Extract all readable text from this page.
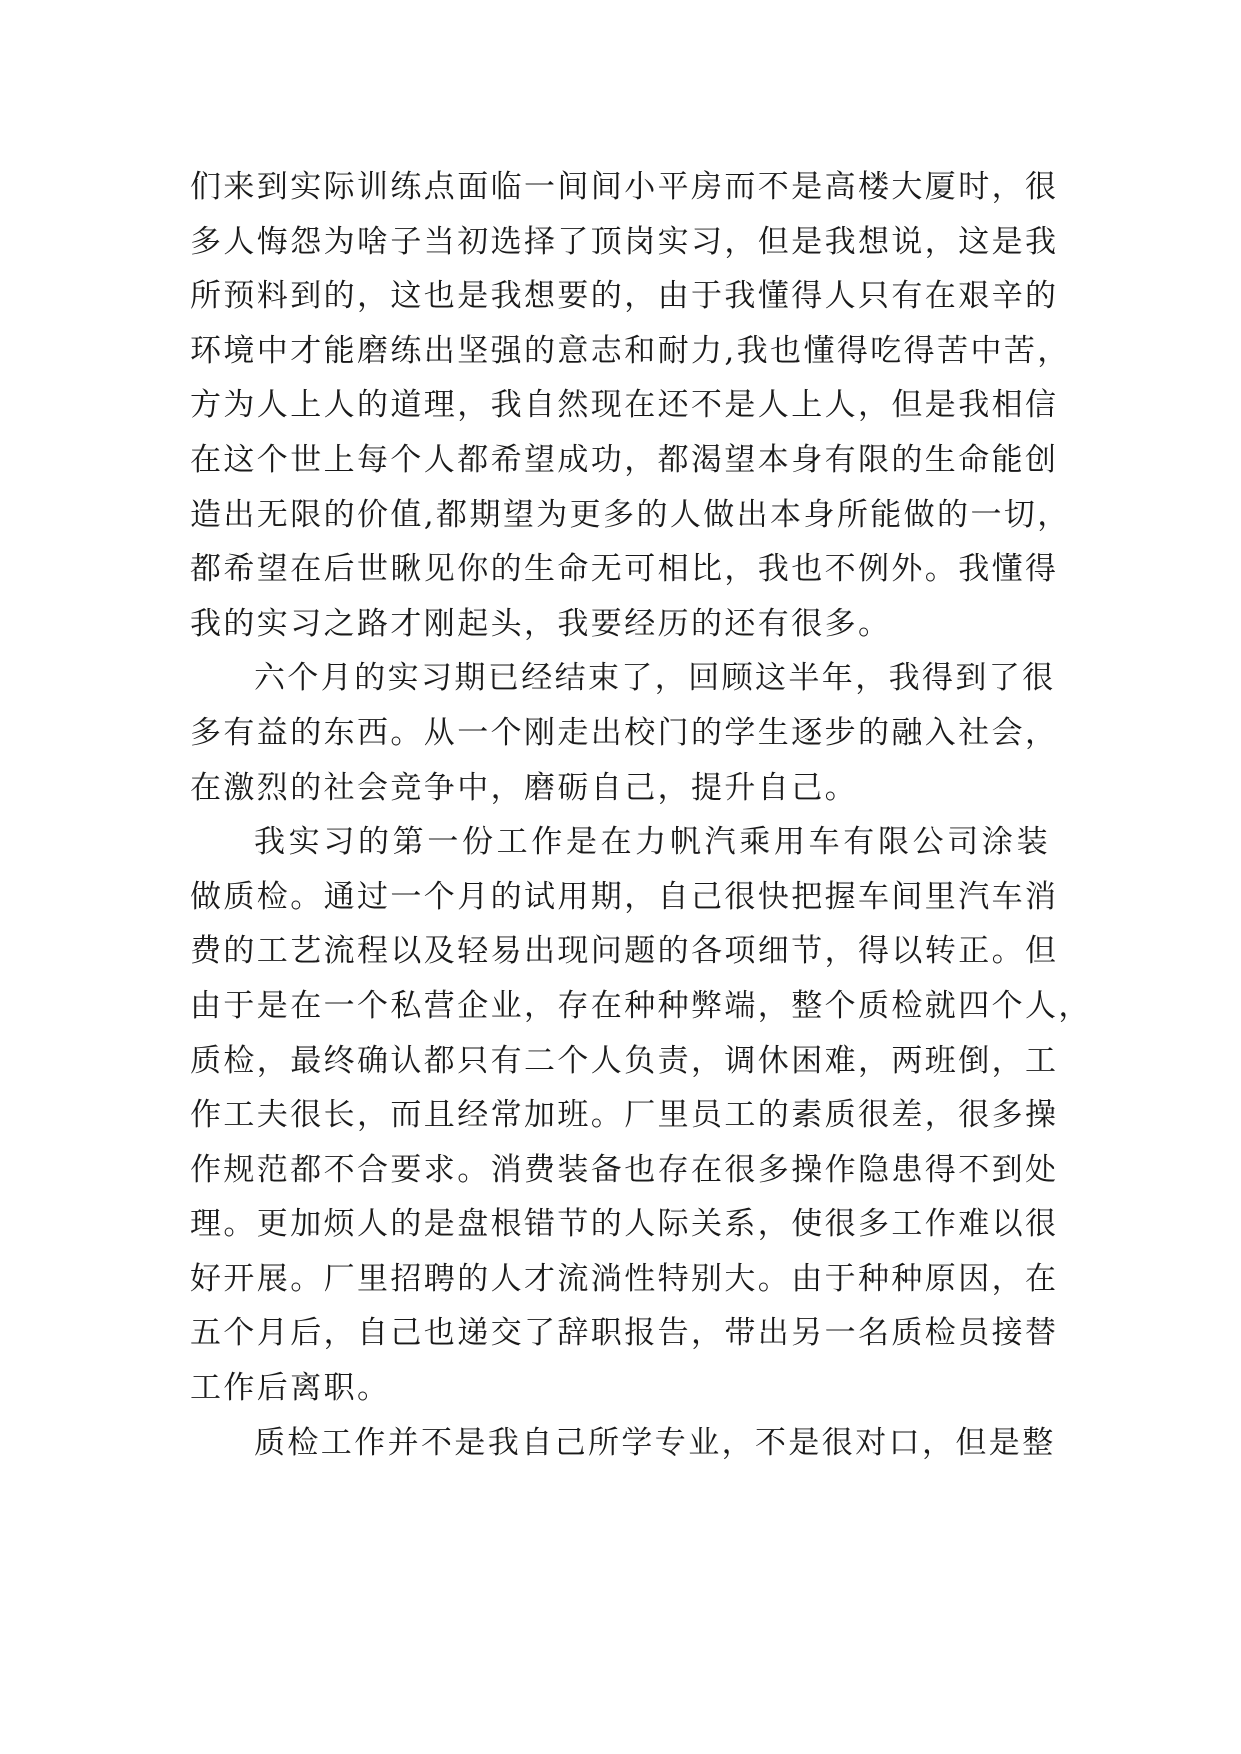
们来到实际训练点面临一间间小平房而不是高楼大厦时，很
多人悔怨为啥子当初选择了顶岗实习，但是我想说，这是我
所预料到的，这也是我想要的，由于我懂得人只有在艰辛的
环境中才能磨练出坚强的意志和耐力,我也懂得吃得苦中苦，
方为人上人的道理，我自然现在还不是人上人，但是我相信
在这个世上每个人都希望成功，都渴望本身有限的生命能创
造出无限的价值,都期望为更多的人做出本身所能做的一切，
都希望在后世瞅见你的生命无可相比，我也不例外。我懂得
我的实习之路才刚起头，我要经历的还有很多。
六个月的实习期已经结束了，回顾这半年，我得到了很
多有益的东西。从一个刚走出校门的学生逐步的融入社会，
在激烈的社会竞争中，磨砺自己，提升自己。
我实习的第一份工作是在力帆汽乘用车有限公司涂装
做质检。通过一个月的试用期，自己很快把握车间里汽车消
费的工艺流程以及轻易出现问题的各项细节，得以转正。但
由于是在一个私营企业，存在种种弊端，整个质检就四个人，
质检，最终确认都只有二个人负责，调休困难，两班倒，工
作工夫很长，而且经常加班。厂里员工的素质很差，很多操
作规范都不合要求。消费装备也存在很多操作隐患得不到处
理。更加烦人的是盘根错节的人际关系，使很多工作难以很
好开展。厂里招聘的人才流淌性特别大。由于种种原因，在
五个月后，自己也递交了辞职报告，带出另一名质检员接替
工作后离职。
质检工作并不是我自己所学专业，不是很对口，但是整
